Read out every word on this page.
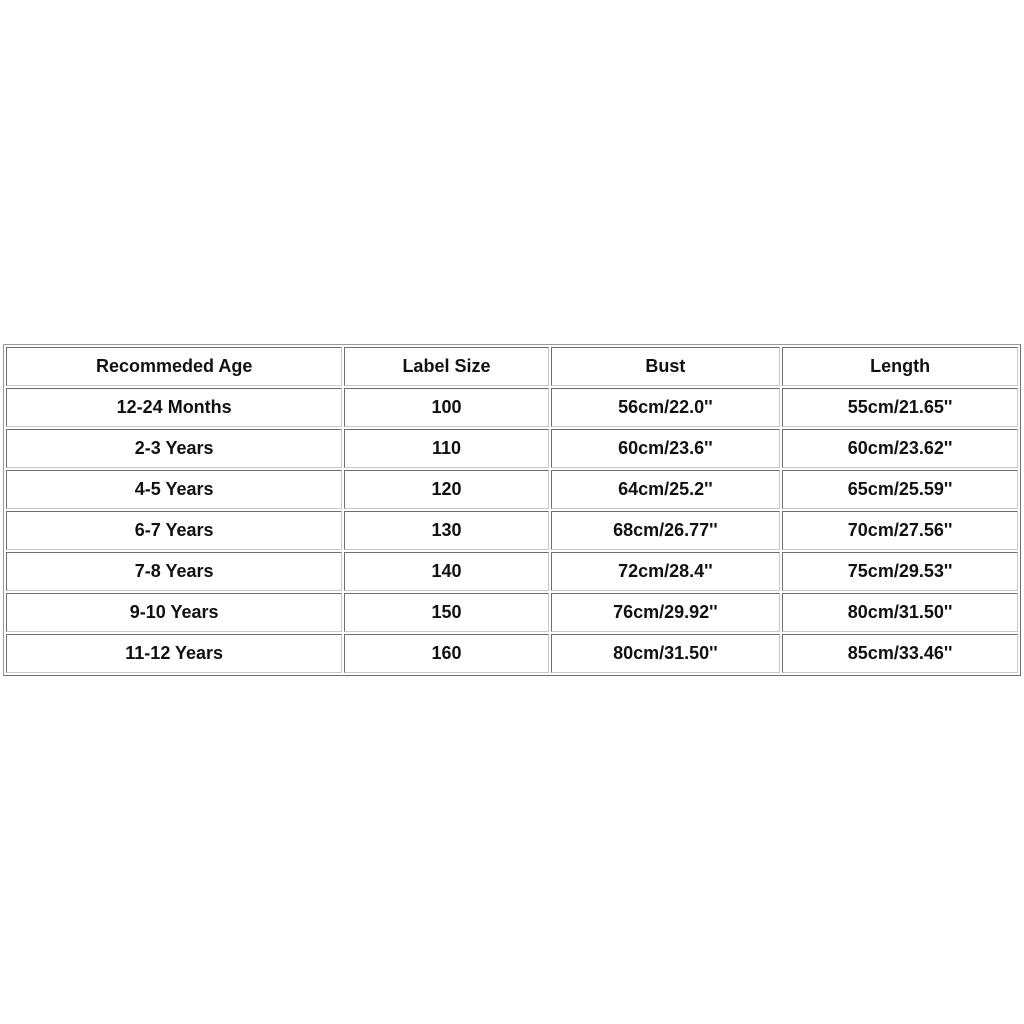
Recommeded Age	Label Size	Bust	Length
12-24 Months	100	56cm/22.0''	55cm/21.65''
2-3 Years	110	60cm/23.6''	60cm/23.62''
4-5 Years	120	64cm/25.2''	65cm/25.59''
6-7 Years	130	68cm/26.77''	70cm/27.56''
7-8 Years	140	72cm/28.4''	75cm/29.53''
9-10 Years	150	76cm/29.92''	80cm/31.50''
11-12 Years	160	80cm/31.50''	85cm/33.46''
